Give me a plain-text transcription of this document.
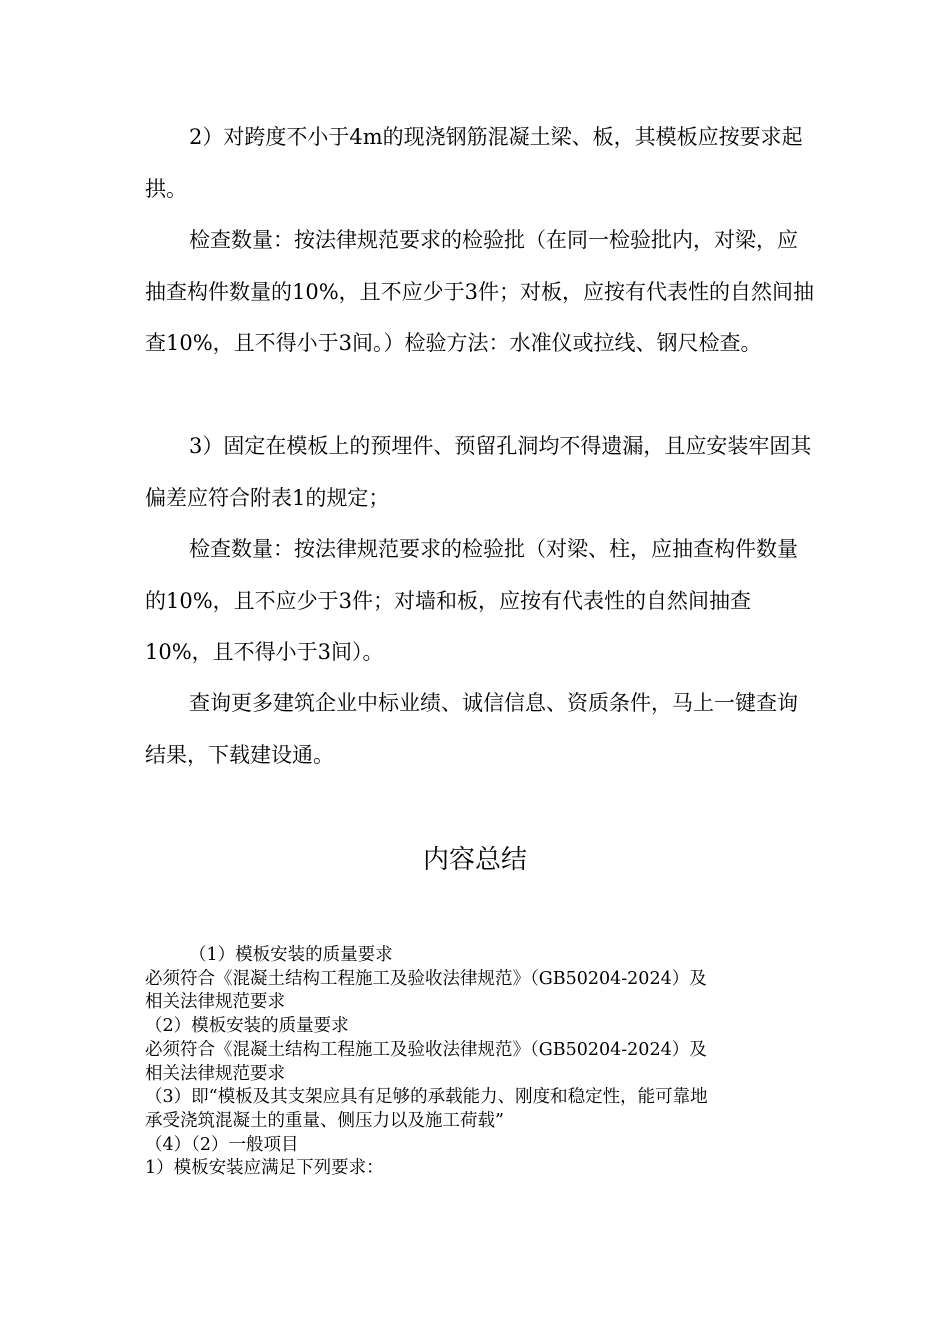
2）对跨度不小于4m的现浇钢筋混凝土梁、板，其模板应按要求起拱。

检查数量：按法律规范要求的检验批（在同一检验批内，对梁，应抽查构件数量的10%，且不应少于3件；对板，应按有代表性的自然间抽查10%，且不得小于3间。）检验方法：水准仪或拉线、钢尺检查。

3）固定在模板上的预埋件、预留孔洞均不得遗漏，且应安装牢固其偏差应符合附表1的规定；

检查数量：按法律规范要求的检验批（对梁、柱，应抽查构件数量的10%，且不应少于3件；对墙和板，应按有代表性的自然间抽查10%，且不得小于3间）。

查询更多建筑企业中标业绩、诚信信息、资质条件，马上一键查询结果，下载建设通。

内容总结

（1）模板安装的质量要求

必须符合《混凝土结构工程施工及验收法律规范》（GB50204-2024）及

相关法律规范要求

（2）模板安装的质量要求

必须符合《混凝土结构工程施工及验收法律规范》（GB50204-2024）及

相关法律规范要求

（3）即“模板及其支架应具有足够的承载能力、刚度和稳定性，能可靠地

承受浇筑混凝土的重量、侧压力以及施工荷载”

（4）（2）一般项目

1）模板安装应满足下列要求：
